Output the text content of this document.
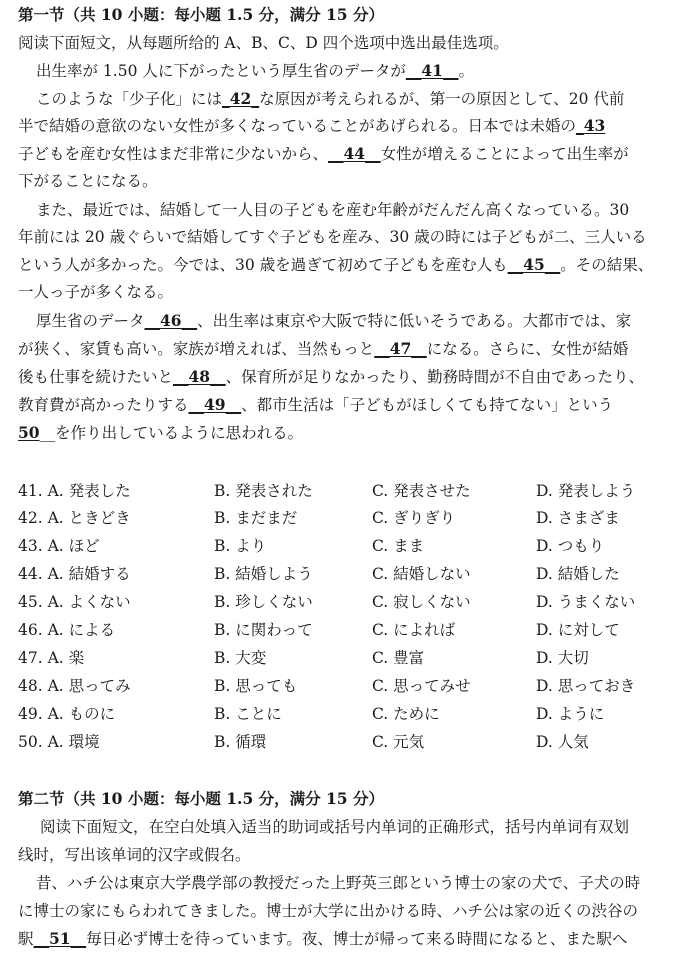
第一节（共 10 小题：每小题 1.5 分，满分 15 分）
阅读下面短文，从每题所给的 A、B、C、D 四个选项中选出最佳选项。
出生率が 1.50 人に下がったという厚生省のデータが__41__。
このような「少子化」には_42_な原因が考えられるが、第一の原因として、20 代前
半で結婚の意欲のない女性が多くなっていることがあげられる。日本では未婚の_43
子どもを産む女性はまだ非常に少ないから、__44__女性が増えることによって出生率が
下がることになる。
また、最近では、結婚して一人目の子どもを産む年齢がだんだん高くなっている。30
年前には 20 歳ぐらいで結婚してすぐ子どもを産み、30 歳の時には子どもが二、三人いる
という人が多かった。今では、30 歳を過ぎて初めて子どもを産む人も__45__。その結果、
一人っ子が多くなる。
厚生省のデータ__46__、出生率は東京や大阪で特に低いそうである。大都市では、家
が狭く、家賃も高い。家族が増えれば、当然もっと__47__になる。さらに、女性が結婚
後も仕事を続けたいと__48__、保育所が足りなかったり、勤務時間が不自由であったり、
教育費が高かったりする__49__、都市生活は「子どもがほしくても持てない」という
50__を作り出しているように思われる。
41. A. 発表した	B. 発表された	C. 発表させた	D. 発表しよう
42. A. ときどき	B. まだまだ	C. ぎりぎり	D. さまざま
43. A. ほど	B. より	C. まま	D. つもり
44. A. 結婚する	B. 結婚しよう	C. 結婚しない	D. 結婚した
45. A. よくない	B. 珍しくない	C. 寂しくない	D. うまくない
46. A. による	B. に関わって	C. によれば	D. に対して
47. A. 楽	B. 大変	C. 豊富	D. 大切
48. A. 思ってみ	B. 思っても	C. 思ってみせ	D. 思っておき
49. A. ものに	B. ことに	C. ために	D. ように
50. A. 環境	B. 循環	C. 元気	D. 人気
第二节（共 10 小题：每小题 1.5 分，满分 15 分）
阅读下面短文，在空白处填入适当的助词或括号内单词的正确形式，括号内单词有双划
线时，写出该单词的汉字或假名。
昔、ハチ公は東京大学農学部の教授だった上野英三郎という博士の家の犬で、子犬の時
に博士の家にもらわれてきました。博士が大学に出かける時、ハチ公は家の近くの渋谷の
駅__51__毎日必ず博士を待っています。夜、博士が帰って来る時間になると、また駅へ
